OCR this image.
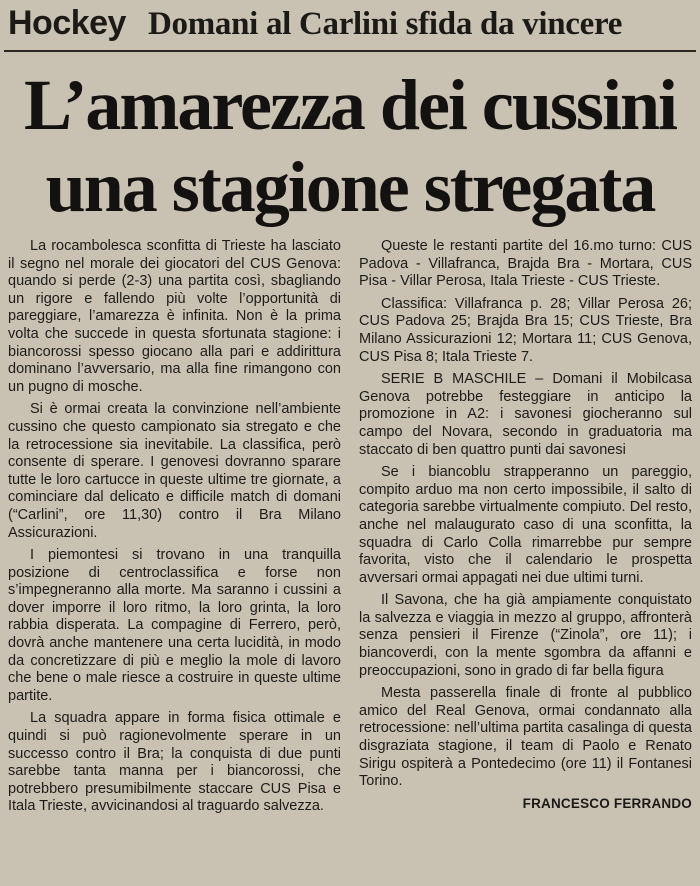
Hockey Domani al Carlini sfida da vincere
L’amarezza dei cussini
una stagione stregata

La rocambolesca sconfitta di Trieste ha lasciato il segno nel morale dei giocatori del CUS Genova: quando si perde (2-3) una partita così, sbagliando un rigore e fallendo più volte l’opportunità di pareggiare, l’amarezza è infinita. Non è la prima volta che succede in questa sfortunata stagione: i biancorossi spesso giocano alla pari e addirittura dominano l’avversario, ma alla fine rimangono con un pugno di mosche.

Si è ormai creata la convinzione nell’ambiente cussino che questo campionato sia stregato e che la retrocessione sia inevitabile. La classifica, però consente di sperare. I genovesi dovranno sparare tutte le loro cartucce in queste ultime tre giornate, a cominciare dal delicato e difficile match di domani (“Carlini”, ore 11,30) contro il Bra Milano Assicurazioni.

I piemontesi si trovano in una tranquilla posizione di centroclassifica e forse non s’impegneranno alla morte. Ma saranno i cussini a dover imporre il loro ritmo, la loro grinta, la loro rabbia disperata. La compagine di Ferrero, però, dovrà anche mantenere una certa lucidità, in modo da concretizzare di più e meglio la mole di lavoro che bene o male riesce a costruire in queste ultime partite.

La squadra appare in forma fisica ottimale e quindi si può ragionevolmente sperare in un successo contro il Bra; la conquista di due punti sarebbe tanta manna per i biancorossi, che potrebbero presumibilmente staccare CUS Pisa e Itala Trieste, avvicinandosi al traguardo salvezza.

Queste le restanti partite del 16.mo turno: CUS Padova - Villafranca, Brajda Bra - Mortara, CUS Pisa - Villar Perosa, Itala Trieste - CUS Trieste.

Classifica: Villafranca p. 28; Villar Perosa 26; CUS Padova 25; Brajda Bra 15; CUS Trieste, Bra Milano Assicurazioni 12; Mortara 11; CUS Genova, CUS Pisa 8; Itala Trieste 7.

SERIE B MASCHILE – Domani il Mobilcasa Genova potrebbe festeggiare in anticipo la promozione in A2: i savonesi giocheranno sul campo del Novara, secondo in graduatoria ma staccato di ben quattro punti dai savonesi

Se i biancoblu strapperanno un pareggio, compito arduo ma non certo impossibile, il salto di categoria sarebbe virtualmente compiuto. Del resto, anche nel malaugurato caso di una sconfitta, la squadra di Carlo Colla rimarrebbe pur sempre favorita, visto che il calendario le prospetta avversari ormai appagati nei due ultimi turni.

Il Savona, che ha già ampiamente conquistato la salvezza e viaggia in mezzo al gruppo, affronterà senza pensieri il Firenze (“Zinola”, ore 11); i biancoverdi, con la mente sgombra da affanni e preoccupazioni, sono in grado di far bella figura

Mesta passerella finale di fronte al pubblico amico del Real Genova, ormai condannato alla retrocessione: nell’ultima partita casalinga di questa disgraziata stagione, il team di Paolo e Renato Sirigu ospiterà a Pontedecimo (ore 11) il Fontanesi Torino.

FRANCESCO FERRANDO
